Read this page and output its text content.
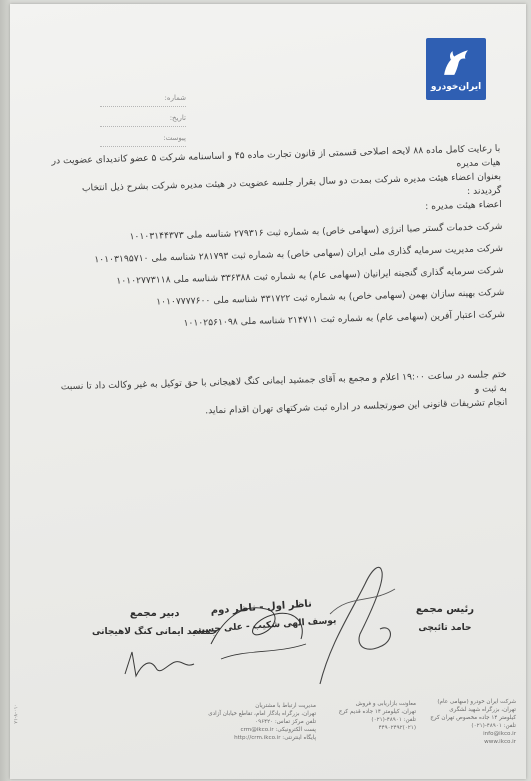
ایران‌خودرو
شماره:
تاریخ:
پیوست:

با رعایت کامل ماده ۸۸ لایحه اصلاحی قسمتی از قانون تجارت ماده ۴۵ و اساسنامه شرکت ۵ عضو کاندیدای عضویت در هیات مدیره

بعنوان اعضاء هیئت مدیره شرکت بمدت دو سال بقرار جلسه عضویت در هیئت مدیره شرکت بشرح ذیل انتخاب گردیدند :

اعضاء هیئت مدیره :

شرکت خدمات گستر صبا انرژی (سهامی خاص) به شماره ثبت ۲۷۹۳۱۶ شناسه ملی ۱۰۱۰۳۱۴۴۳۷۳

شرکت مدیریت سرمایه گذاری ملی ایران (سهامی خاص) به شماره ثبت ۲۸۱۷۹۳ شناسه ملی ۱۰۱۰۳۱۹۵۷۱۰

شرکت سرمایه گذاری گنجینه ایرانیان (سهامی عام) به شماره ثبت ۳۳۶۳۸۸ شناسه ملی ۱۰۱۰۲۷۷۳۱۱۸

شرکت بهینه سازان بهمن (سهامی خاص) به شماره ثبت ۳۳۱۷۲۲ شناسه ملی ۱۰۱۰۷۷۷۷۶۰۰

شرکت اعتبار آفرین (سهامی عام) به شماره ثبت ۲۱۴۷۱۱ شناسه ملی ۱۰۱۰۲۵۶۱۰۹۸

ختم جلسه در ساعت ۱۹:۰۰ اعلام و مجمع به آقای جمشید ایمانی کنگ لاهیجانی با حق توکیل به غیر وکالت داد تا نسبت به ثبت و

انجام تشریفات قانونی این صورتجلسه در اداره ثبت شرکتهای تهران اقدام نماید.

رئیس مجمع
حامد تائبچی
ناظر اول - ناظر دوم
یوسف الهی شکیب - علی حسینی
دبیر مجمع
جمشید ایمانی کنگ لاهیجانی
مدیریت ارتباط با مشتریان
تهران، بزرگراه یادگار امام، تقاطع خیابان آزادی
تلفن مرکز تماس: ۰۹۶۴۲۰
پست الکترونیکی: crm@ikco.ir
پایگاه اینترنتی: http://crm.ikco.ir
معاونت بازاریابی و فروش
تهران، کیلومتر ۱۴ جاده قدیم کرج
تلفن: ۴۸۹۰۱-(۰۲۱)
(۰۲۱)۴۴۹۰۲۴۹۲
شرکت ایران خودرو (سهامی عام)
تهران، بزرگراه شهید لشگری
کیلومتر ۱۴ جاده مخصوص تهران کرج
تلفن: ۴۸۹۰۱-(۰۲۱)
info@ikco.ir
www.ikco.ir
۰۱۰-۷-۱۸
